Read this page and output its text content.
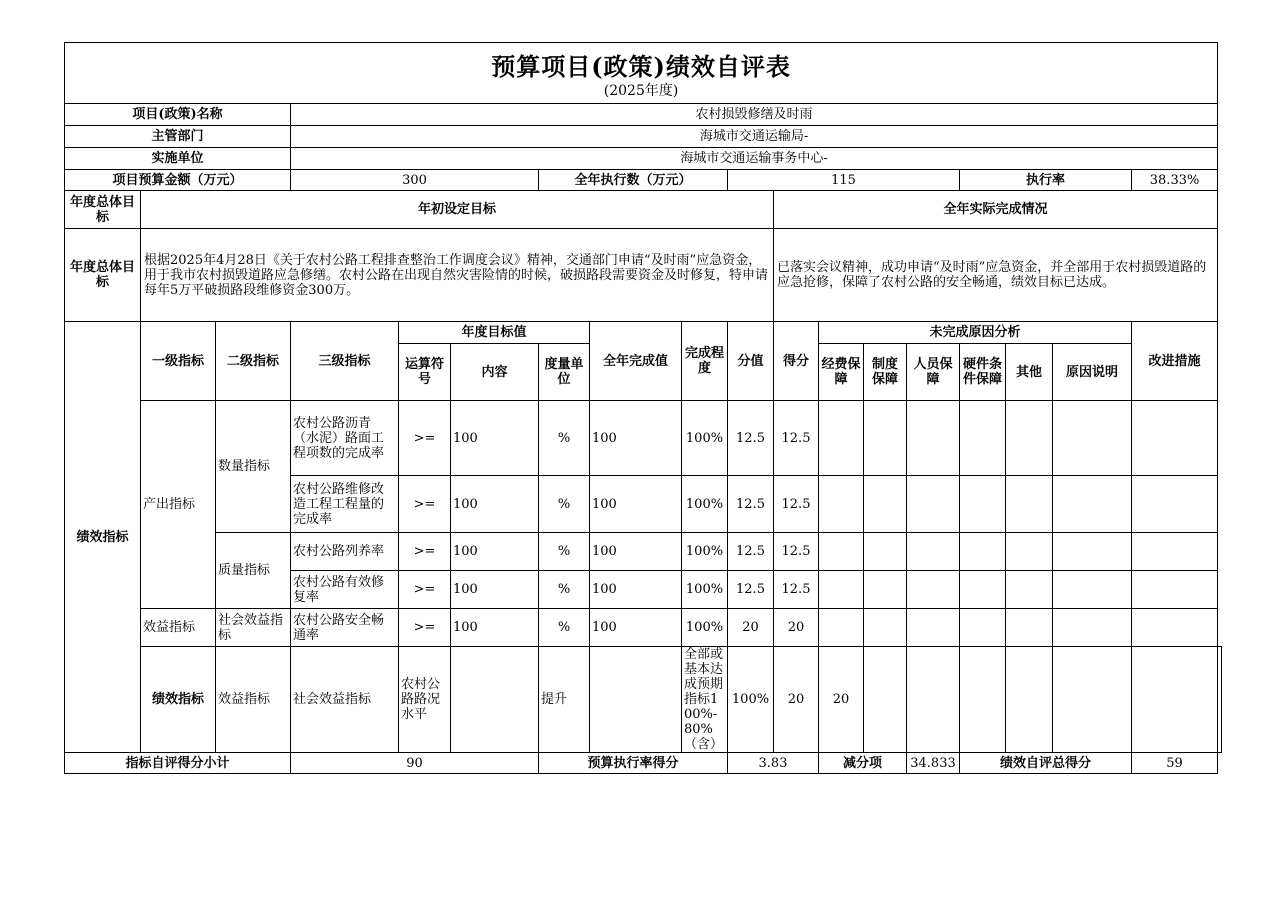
预算项目(政策)绩效自评表
(2025年度)																		

项目(政策)名称			农村损毁修缮及时雨															
主管部门			海城市交通运输局-															
实施单位			海城市交通运输事务中心-															
项目预算金额（万元）			300			全年执行数（万元）			115					执行率			38.33%	
年度总体目标	年初设定目标									全年实际完成情况								
年度总体目标	根据2025年4月28日《关于农村公路工程排查整治工作调度会议》精神，交通部门申请“及时雨”应急资金，用于我市农村损毁道路应急修缮。农村公路在出现自然灾害险情的时候，破损路段需要资金及时修复，特申请每年5万平破损路段维修资金300万。									已落实会议精神，成功申请“及时雨”应急资金，并全部用于农村损毁道路的应急抢修，保障了农村公路的安全畅通，绩效目标已达成。								
绩效指标	一级指标	二级指标	三级指标	年度目标值			全年完成值	完成程度	分值	得分	未完成原因分析						改进措施	
				运算符号	内容	度量单位					经费保障	制度保障	人员保障	硬件条件保障	其他	原因说明		
	产出指标	数量指标	农村公路沥青（水泥）路面工程项数的完成率	>=	100	%	100	100%	12.5	12.5								
			农村公路维修改造工程工程量的完成率	>=	100	%	100	100%	12.5	12.5								
		质量指标	农村公路列养率	>=	100	%	100	100%	12.5	12.5								
			农村公路有效修复率	>=	100	%	100	100%	12.5	12.5								
	效益指标	社会效益指标	农村公路安全畅通率	>=	100	%	100	100%	20	20								
	绩效指标	效益指标	社会效益指标	农村公路路况水平		提升		全部或基本达成预期指标100%-80%（含）	100%	20	20							
指标自评得分小计			90			预算执行率得分			3.83		减分项		34.833	绩效自评总得分			59	
